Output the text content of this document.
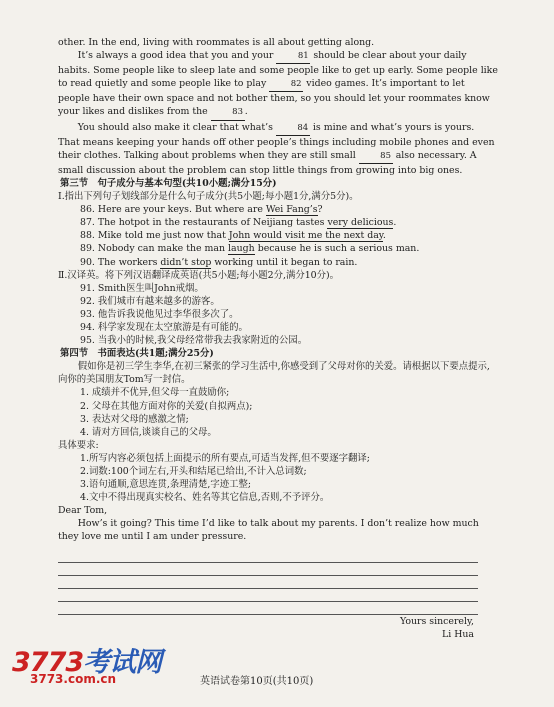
other. In the end, living with roommates is all about getting along.

It’s always a good idea that you and your	81 should be clear about your daily habits. Some people like to sleep late and some people like to get up early. Some people like to read quietly and some people like to play	82 video games. It’s important to let people have their own space and not bother them, so you should let your roommates know your likes and dislikes from the	83 .

You should also make it clear that what’s	84 is mine and what’s yours is yours. That means keeping your hands off other people’s things including mobile phones and even their clothes. Talking about problems when they are still small	85 also necessary. A small discussion about the problem can stop little things from growing into big ones.

第三节　句子成分与基本句型(共10小题;满分15分)

Ⅰ.指出下列句子划线部分是什么句子成分(共5小题;每小题1分,满分5分)。

86. Here are your keys. But where are Wei Fang’s?

87. The hotpot in the restaurants of Neijiang tastes very delicious.

88. Mike told me just now that John would visit me the next day.

89. Nobody can make the man laugh because he is such a serious man.

90. The workers didn’t stop working until it began to rain.

Ⅱ.汉译英。将下列汉语翻译成英语(共5小题;每小题2分,满分10分)。

91. Smith医生叫John戒烟。

92. 我们城市有越来越多的游客。

93. 他告诉我说他见过李华很多次了。

94. 科学家发现在太空旅游是有可能的。

95. 当我小的时候,我父母经常带我去我家附近的公园。

第四节　书面表达(共1题;满分25分)

假如你是初三学生李华,在初三紧张的学习生活中,你感受到了父母对你的关爱。请根据以下要点提示,向你的美国朋友Tom写一封信。

1. 成绩并不优异,但父母一直鼓励你;

2. 父母在其他方面对你的关爱(自拟两点);

3. 表达对父母的感激之情;

4. 请对方回信,谈谈自己的父母。

具体要求:

1.所写内容必须包括上面提示的所有要点,可适当发挥,但不要逐字翻译;

2.词数:100个词左右,开头和结尾已给出,不计入总词数;

3.语句通顺,意思连贯,条理清楚,字迹工整;

4.文中不得出现真实校名、姓名等其它信息,否则,不予评分。

Dear Tom,

How’s it going? This time I’d like to talk about my parents. I don’t realize how much they love me until I am under pressure.

Yours sincerely,

Li Hua

3773考试网
3773.com.cn	英语试卷第10页(共10页)
